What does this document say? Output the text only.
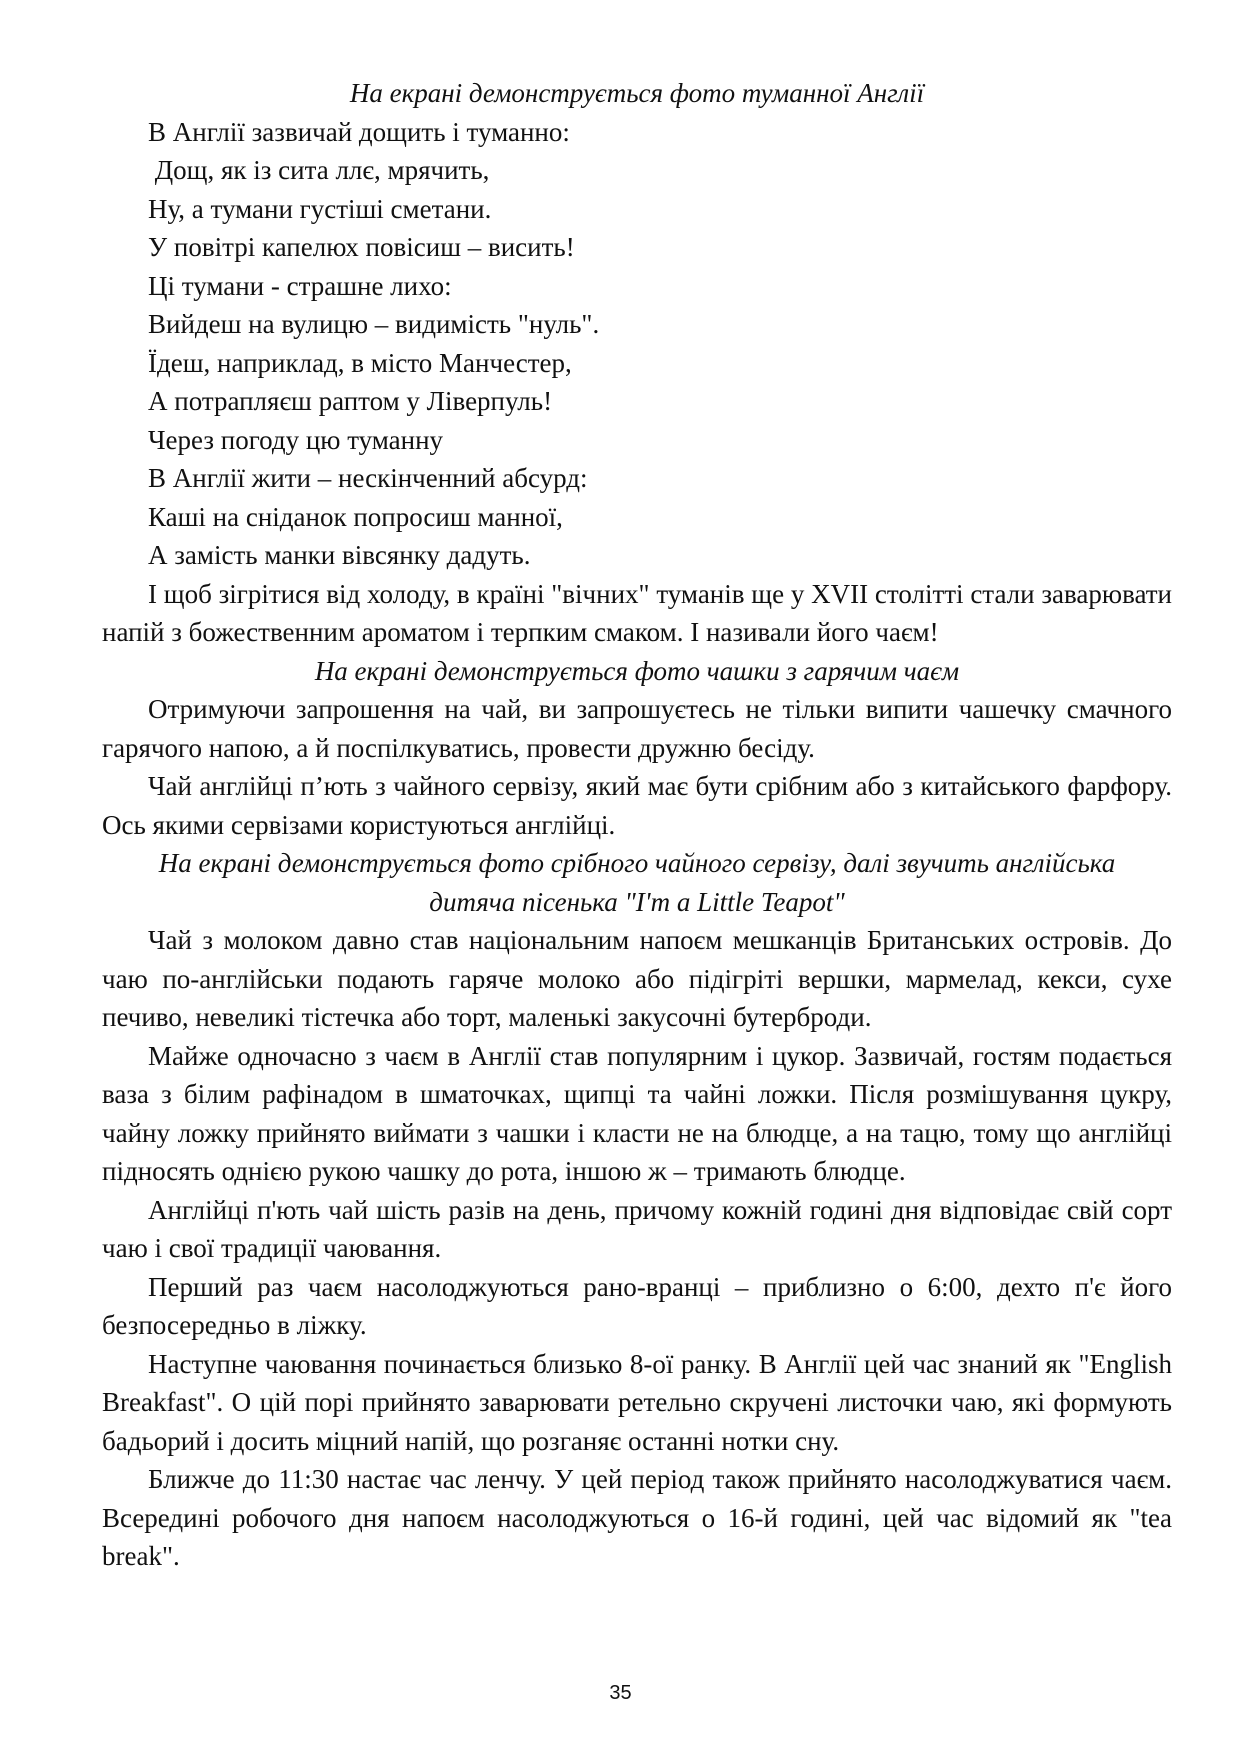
На екрані демонструється фото туманної Англії

В Англії зазвичай дощить і туманно:

Дощ, як із сита ллє, мрячить,

Ну, а тумани густіші сметани.

У повітрі капелюх повісиш – висить!

Ці тумани - страшне лихо:

Вийдеш на вулицю – видимість "нуль".

Їдеш, наприклад, в місто Манчестер,

А потрапляєш раптом у Ліверпуль!

Через погоду цю туманну

В Англії жити – нескінченний абсурд:

Каші на сніданок попросиш манної,

А замість манки вівсянку дадуть.

І щоб зігрітися від холоду, в країні "вічних" туманів ще у XVII столітті стали заварювати напій з божественним ароматом і терпким смаком. І називали його чаєм!

На екрані демонструється фото чашки з гарячим чаєм

Отримуючи запрошення на чай, ви запрошуєтесь не тільки випити чашечку смачного гарячого напою, а й поспілкуватись, провести дружню бесіду.

Чай англійці п’ють з чайного сервізу, який має бути срібним або з китайського фарфору. Ось якими сервізами користуються англійці.

На екрані демонструється фото срібного чайного сервізу, далі звучить англійська

дитяча пісенька "I'm a Little Teapot"

Чай з молоком давно став національним напоєм мешканців Британських островів. До чаю по-англійськи подають гаряче молоко або підігріті вершки, мармелад, кекси, сухе печиво, невеликі тістечка або торт, маленькі закусочні бутерброди.

Майже одночасно з чаєм в Англії став популярним і цукор. Зазвичай, гостям подається ваза з білим рафінадом в шматочках, щипці та чайні ложки. Після розмішування цукру, чайну ложку прийнято виймати з чашки і класти не на блюдце, а на тацю, тому що англійці підносять однією рукою чашку до рота, іншою ж – тримають блюдце.

Англійці п'ють чай шість разів на день, причому кожній годині дня відповідає свій сорт чаю і свої традиції чаювання.

Перший раз чаєм насолоджуються рано-вранці – приблизно о 6:00, дехто п'є його безпосередньо в ліжку.

Наступне чаювання починається близько 8-ої ранку. В Англії цей час знаний як "English Breakfast". О цій порі прийнято заварювати ретельно скручені листочки чаю, які формують бадьорий і досить міцний напій, що розганяє останні нотки сну.

Ближче до 11:30 настає час ленчу. У цей період також прийнято насолоджуватися чаєм. Всередині робочого дня напоєм насолоджуються о 16-й годині, цей час відомий як "tea break".

35
